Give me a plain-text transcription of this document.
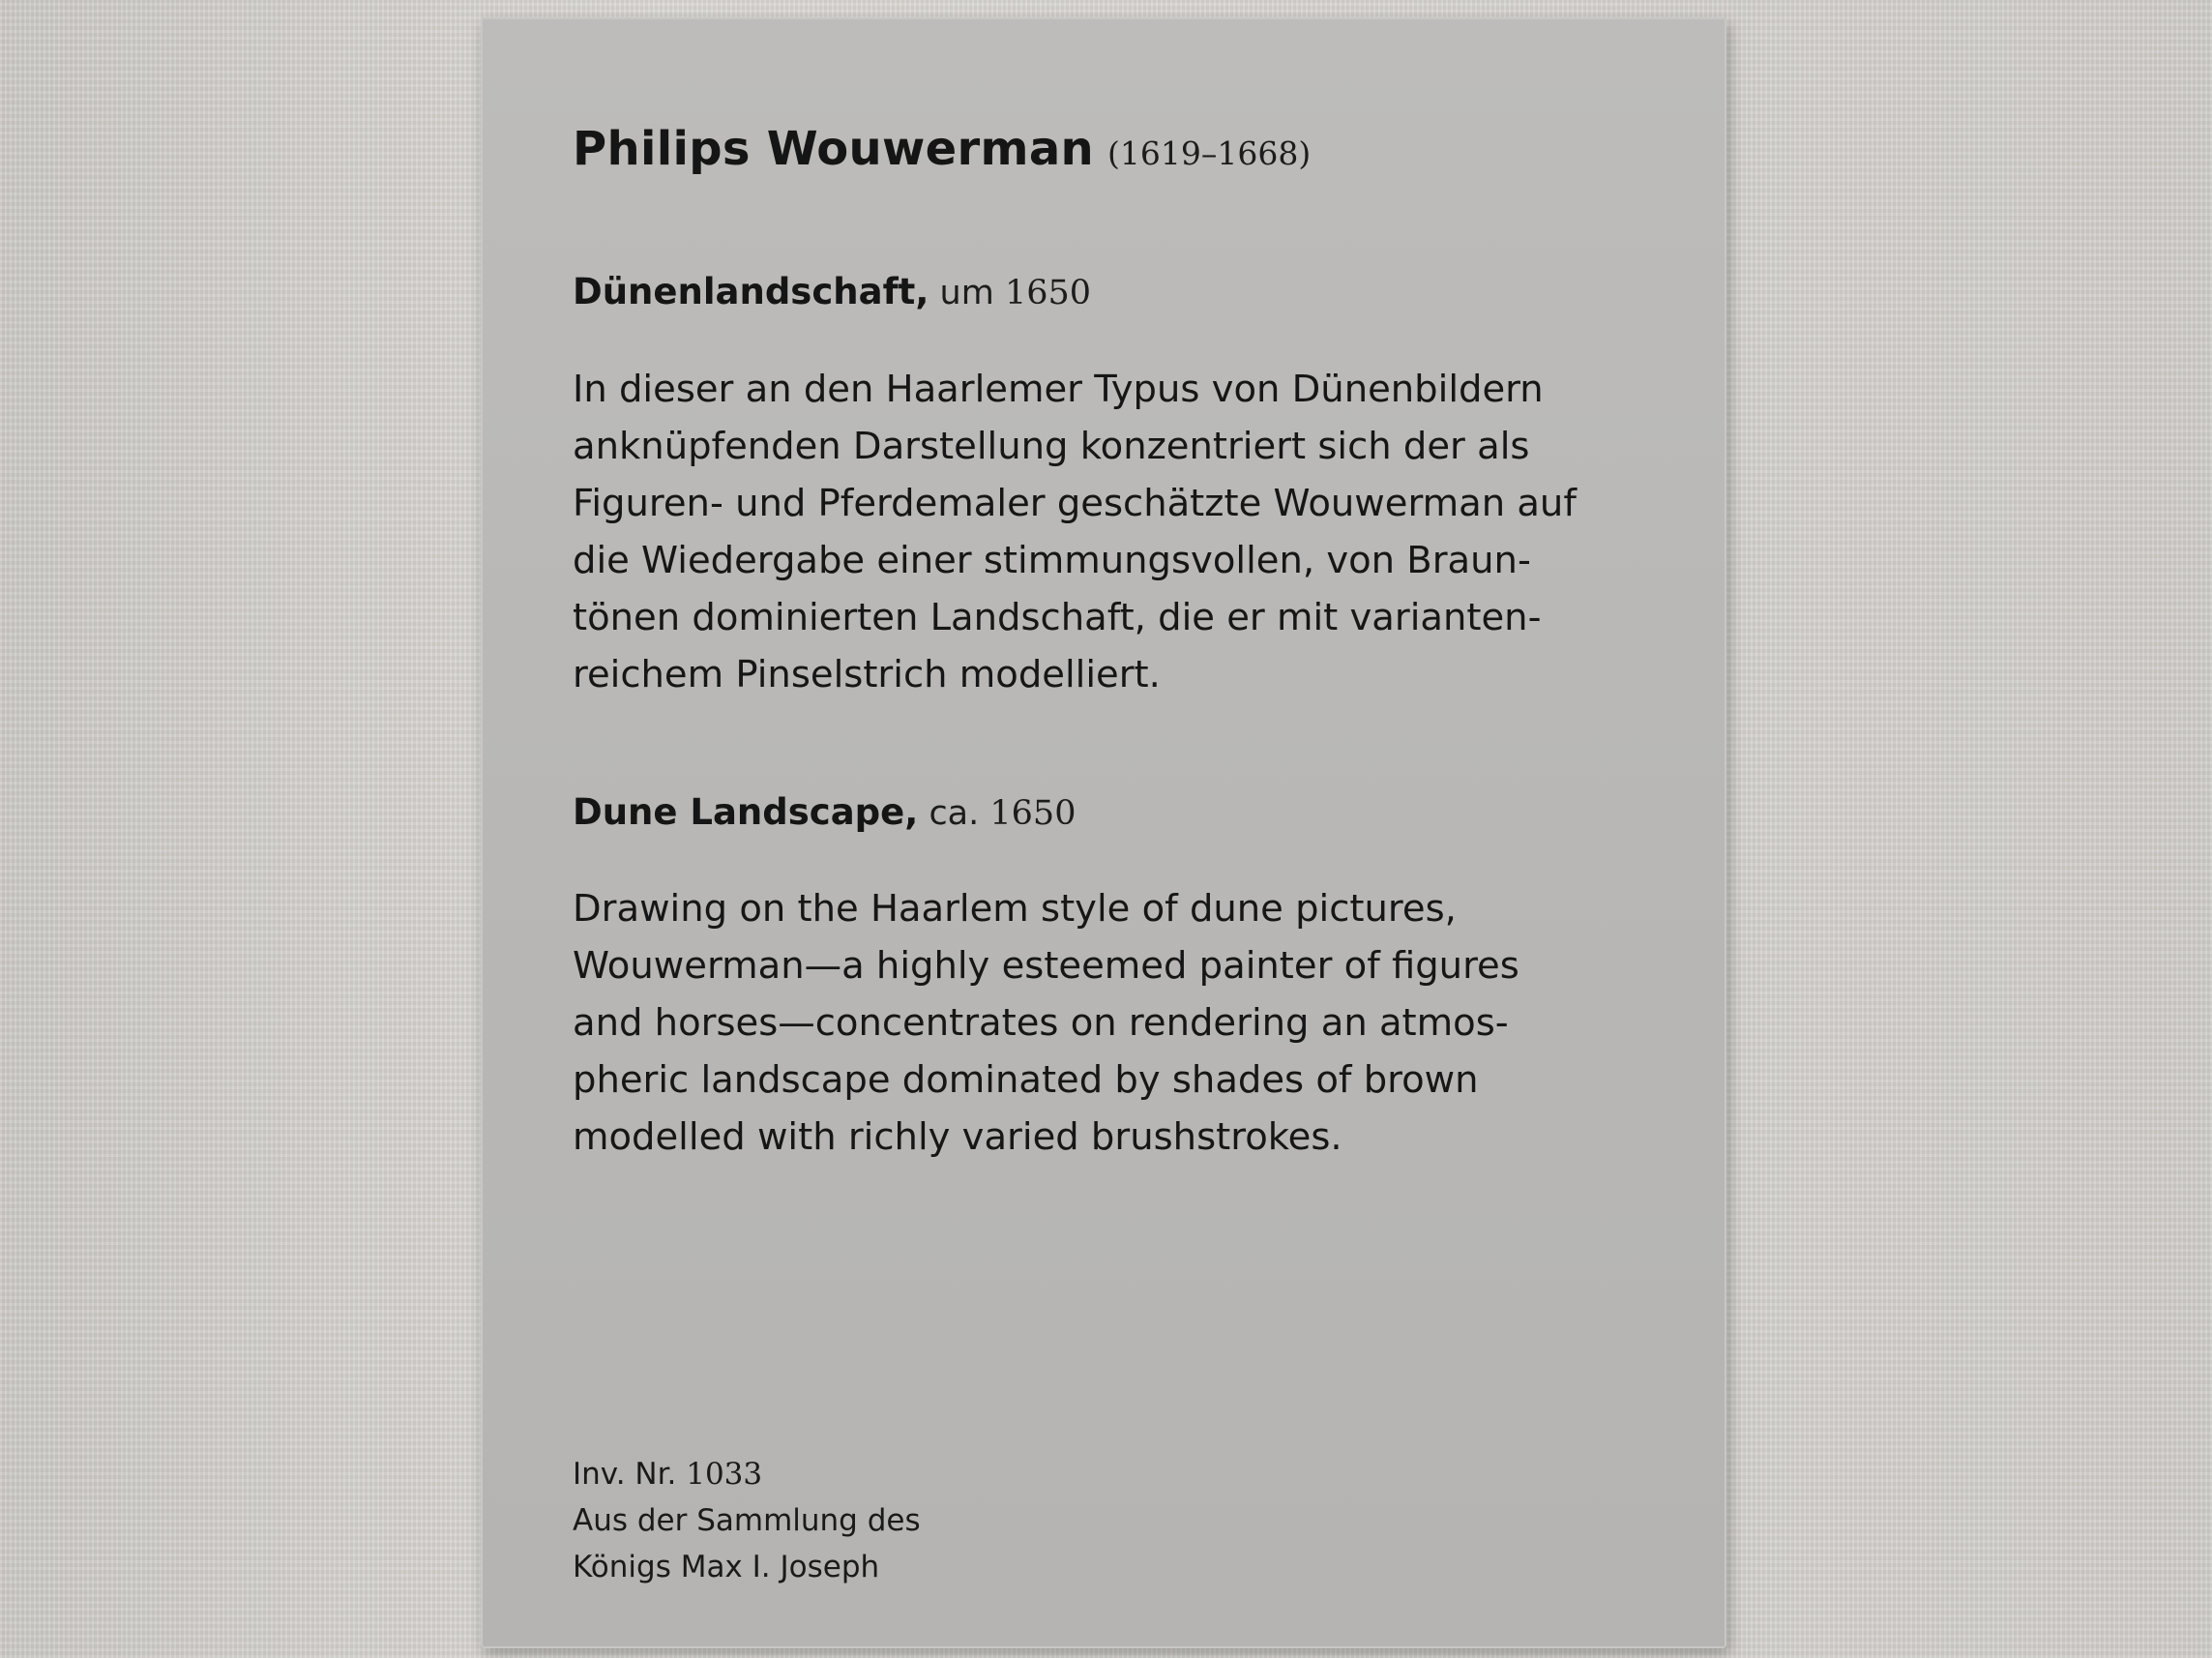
Philips Wouwerman (1619–1668)
Dünenlandschaft, um 1650
In dieser an den Haarlemer Typus von Dünenbildern
anknüpfenden Darstellung konzentriert sich der als
Figuren- und Pferdemaler geschätzte Wouwerman auf
die Wiedergabe einer stimmungsvollen, von Braun-
tönen dominierten Landschaft, die er mit varianten-
reichem Pinselstrich modelliert.
Dune Landscape, ca. 1650
Drawing on the Haarlem style of dune pictures,
Wouwerman—a highly esteemed painter of figures
and horses—concentrates on rendering an atmos-
pheric landscape dominated by shades of brown
modelled with richly varied brushstrokes.
Inv. Nr. 1033
Aus der Sammlung des
Königs Max I. Joseph
